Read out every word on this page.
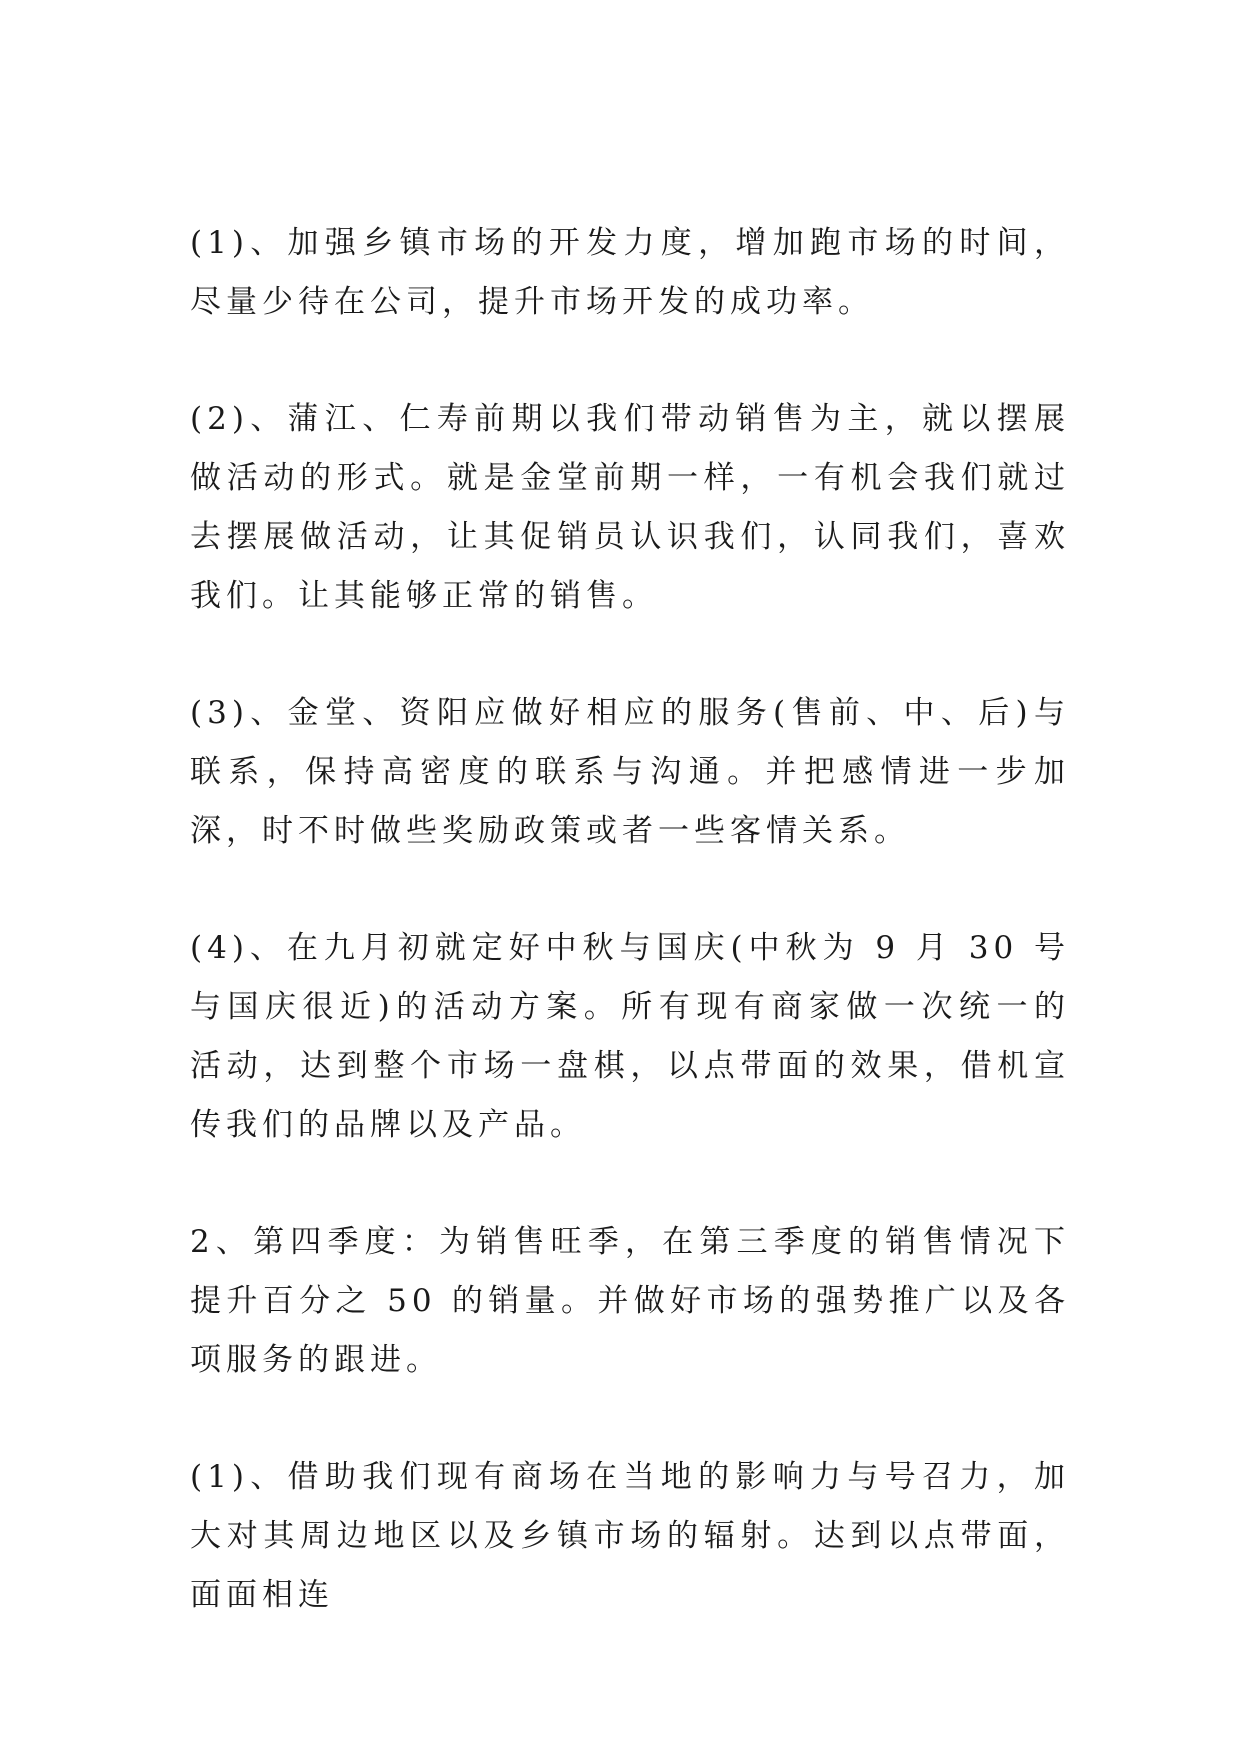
(1)、加强乡镇市场的开发力度，增加跑市场的时间，尽量少待在公司，提升市场开发的成功率。

(2)、蒲江、仁寿前期以我们带动销售为主，就以摆展做活动的形式。就是金堂前期一样，一有机会我们就过去摆展做活动，让其促销员认识我们，认同我们，喜欢我们。让其能够正常的销售。

(3)、金堂、资阳应做好相应的服务(售前、中、后)与联系，保持高密度的联系与沟通。并把感情进一步加深，时不时做些奖励政策或者一些客情关系。

(4)、在九月初就定好中秋与国庆(中秋为 9 月 30 号与国庆很近)的活动方案。所有现有商家做一次统一的活动，达到整个市场一盘棋，以点带面的效果，借机宣传我们的品牌以及产品。

2、第四季度：为销售旺季，在第三季度的销售情况下提升百分之 50 的销量。并做好市场的强势推广以及各项服务的跟进。

(1)、借助我们现有商场在当地的影响力与号召力，加大对其周边地区以及乡镇市场的辐射。达到以点带面，面面相连
